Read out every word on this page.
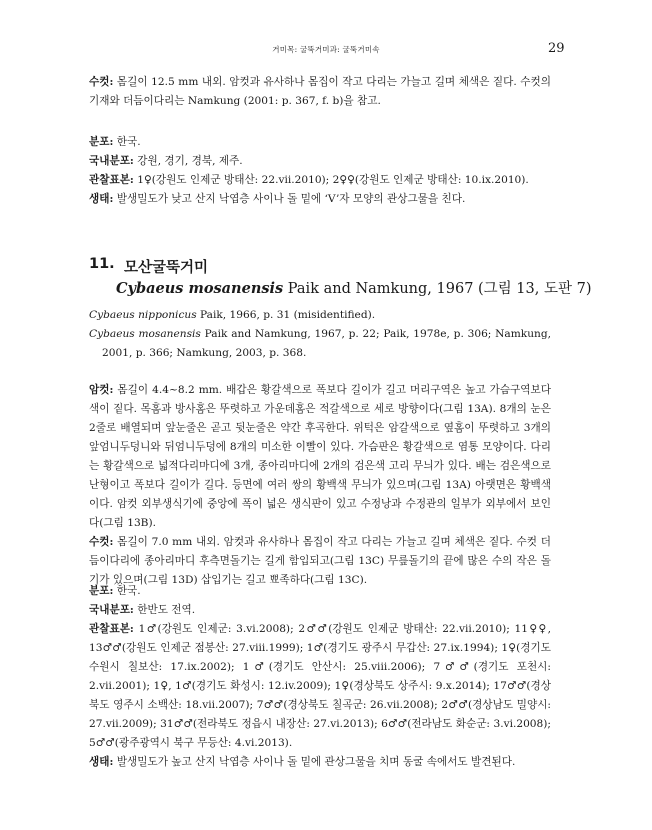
거미목: 굴뚝거미과: 굴뚝거미속	29

수컷: 몸길이 12.5 mm 내외. 암컷과 유사하나 몸집이 작고 다리는 가늘고 길며 체색은 짙다. 수컷의 기재와 더듬이다리는 Namkung (2001: p. 367, f. b)을 참고.

분포: 한국.

국내분포: 강원, 경기, 경북, 제주.

관찰표본: 1♀(강원도 인제군 방태산: 22.vii.2010); 2♀♀(강원도 인제군 방태산: 10.ix.2010).

생태: 발생밀도가 낮고 산지 낙엽층 사이나 돌 밑에 ‘V’자 모양의 관상그물을 친다.

11. 모산굴뚝거미
Cybaeus mosanensis Paik and Namkung, 1967 (그림 13, 도판 7)

Cybaeus nipponicus Paik, 1966, p. 31 (misidentified).

Cybaeus mosanensis Paik and Namkung, 1967, p. 22; Paik, 1978e, p. 306; Namkung, 2001, p. 366; Namkung, 2003, p. 368.

암컷: 몸길이 4.4~8.2 mm. 배갑은 황갈색으로 폭보다 길이가 길고 머리구역은 높고 가슴구역보다 색이 짙다. 목홈과 방사홈은 뚜렷하고 가운데홈은 적갈색으로 세로 방향이다(그림 13A). 8개의 눈은 2줄로 배열되며 앞눈줄은 곧고 뒷눈줄은 약간 후곡한다. 위턱은 암갈색으로 옆홈이 뚜렷하고 3개의 앞엄니두덩니와 뒤엄니두덩에 8개의 미소한 이빨이 있다. 가슴판은 황갈색으로 염통 모양이다. 다리는 황갈색으로 넓적다리마디에 3개, 종아리마디에 2개의 검은색 고리 무늬가 있다. 배는 검은색으로 난형이고 폭보다 길이가 길다. 등면에 여러 쌍의 황백색 무늬가 있으며(그림 13A) 아랫면은 황백색이다. 암컷 외부생식기에 중앙에 폭이 넓은 생식판이 있고 수정낭과 수정관의 일부가 외부에서 보인다(그림 13B).

수컷: 몸길이 7.0 mm 내외. 암컷과 유사하나 몸집이 작고 다리는 가늘고 길며 체색은 짙다. 수컷 더듬이다리에 종아리마디 후측면돌기는 길게 함입되고(그림 13C) 무릎돌기의 끝에 많은 수의 작은 돌기가 있으며(그림 13D) 삽입기는 길고 뾰족하다(그림 13C).

분포: 한국.

국내분포: 한반도 전역.

관찰표본: 1♂(강원도 인제군: 3.vi.2008); 2♂♂(강원도 인제군 방태산: 22.vii.2010); 11♀♀, 13♂♂(강원도 인제군 점봉산: 27.viii.1999); 1♂(경기도 광주시 무갑산: 27.ix.1994); 1♀(경기도 수원시 칠보산: 17.ix.2002); 1♂(경기도 안산시: 25.viii.2006); 7♂♂(경기도 포천시: 2.vii.2001); 1♀, 1♂(경기도 화성시: 12.iv.2009); 1♀(경상북도 상주시: 9.x.2014); 17♂♂(경상북도 영주시 소백산: 18.vii.2007); 7♂♂(경상북도 칠곡군: 26.vii.2008); 2♂♂(경상남도 밀양시: 27.vii.2009); 31♂♂(전라북도 정읍시 내장산: 27.vi.2013); 6♂♂(전라남도 화순군: 3.vi.2008); 5♂♂(광주광역시 북구 무등산: 4.vi.2013).

생태: 발생밀도가 높고 산지 낙엽층 사이나 돌 밑에 관상그물을 치며 동굴 속에서도 발견된다.
